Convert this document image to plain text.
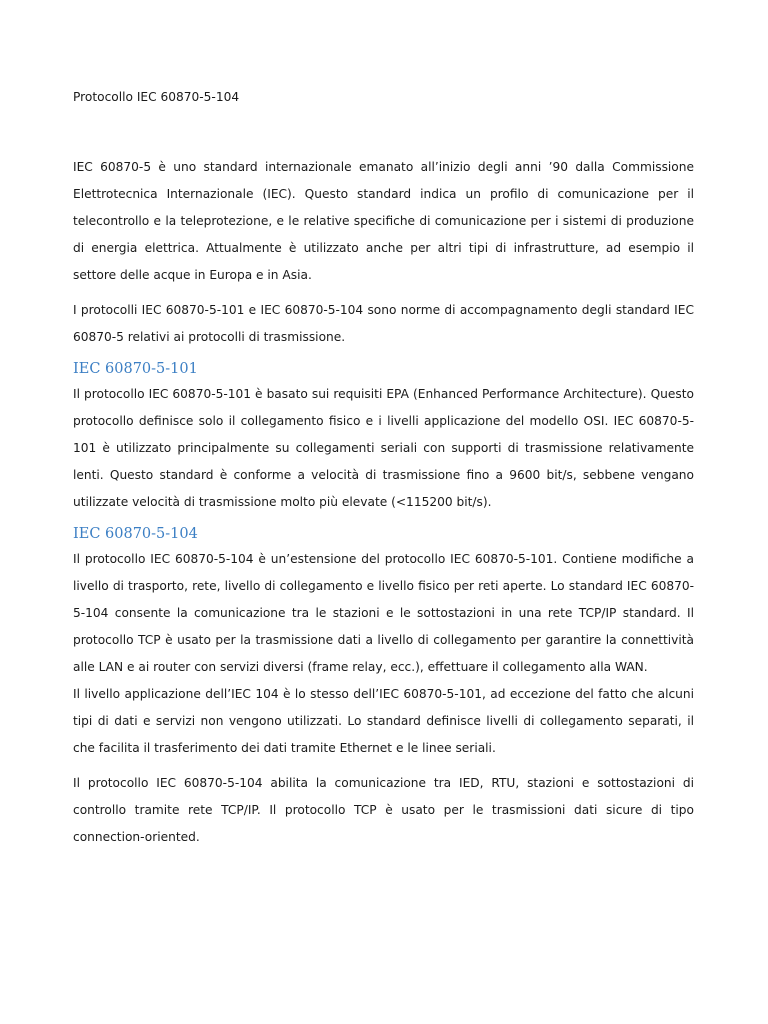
Protocollo IEC 60870-5-104

IEC 60870-5 è uno standard internazionale emanato all’inizio degli anni ’90 dalla Commissione Elettrotecnica Internazionale (IEC). Questo standard indica un profilo di comunicazione per il telecontrollo e la teleprotezione, e le relative specifiche di comunicazione per i sistemi di produzione di energia elettrica. Attualmente è utilizzato anche per altri tipi di infrastrutture, ad esempio il settore delle acque in Europa e in Asia.

I protocolli IEC 60870-5-101 e IEC 60870-5-104 sono norme di accompagnamento degli standard IEC 60870-5 relativi ai protocolli di trasmissione.

IEC 60870-5-101

Il protocollo IEC 60870-5-101 è basato sui requisiti EPA (Enhanced Performance Architecture). Questo protocollo definisce solo il collegamento fisico e i livelli applicazione del modello OSI. IEC 60870-5-101 è utilizzato principalmente su collegamenti seriali con supporti di trasmissione relativamente lenti. Questo standard è conforme a velocità di trasmissione fino a 9600 bit/s, sebbene vengano utilizzate velocità di trasmissione molto più elevate (<115200 bit/s).

IEC 60870-5-104

Il protocollo IEC 60870-5-104 è un’estensione del protocollo IEC 60870-5-101. Contiene modifiche a livello di trasporto, rete, livello di collegamento e livello fisico per reti aperte. Lo standard IEC 60870-5-104 consente la comunicazione tra le stazioni e le sottostazioni in una rete TCP/IP standard. Il protocollo TCP è usato per la trasmissione dati a livello di collegamento per garantire la connettività alle LAN e ai router con servizi diversi (frame relay, ecc.), effettuare il collegamento alla WAN.

Il livello applicazione dell’IEC 104 è lo stesso dell’IEC 60870-5-101, ad eccezione del fatto che alcuni tipi di dati e servizi non vengono utilizzati. Lo standard definisce livelli di collegamento separati, il che facilita il trasferimento dei dati tramite Ethernet e le linee seriali.

Il protocollo IEC 60870-5-104 abilita la comunicazione tra IED, RTU, stazioni e sottostazioni di controllo tramite rete TCP/IP. Il protocollo TCP è usato per le trasmissioni dati sicure di tipo connection-oriented.
